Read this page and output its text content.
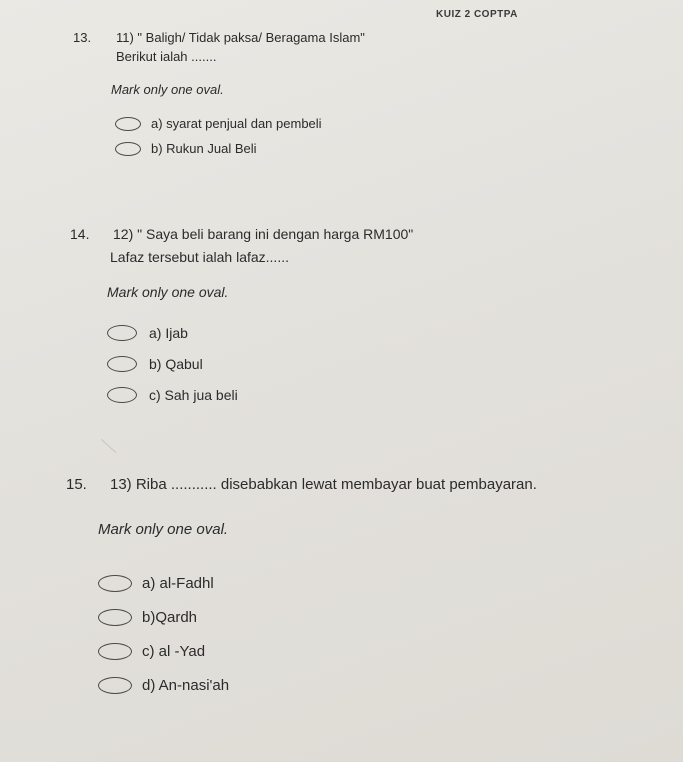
KUIZ 2 COPTPA
13.	11) " Baligh/ Tidak paksa/ Beragama Islam"
Berikut ialah .......
Mark only one oval.
a) syarat penjual dan pembeli
b) Rukun Jual Beli
14.	12) " Saya beli barang ini dengan harga RM100"
Lafaz tersebut ialah lafaz......
Mark only one oval.
a) Ijab
b) Qabul
c) Sah jua beli
15.	13) Riba ........... disebabkan lewat membayar buat pembayaran.
Mark only one oval.
a) al-Fadhl
b)Qardh
c) al -Yad
d) An-nasi'ah
